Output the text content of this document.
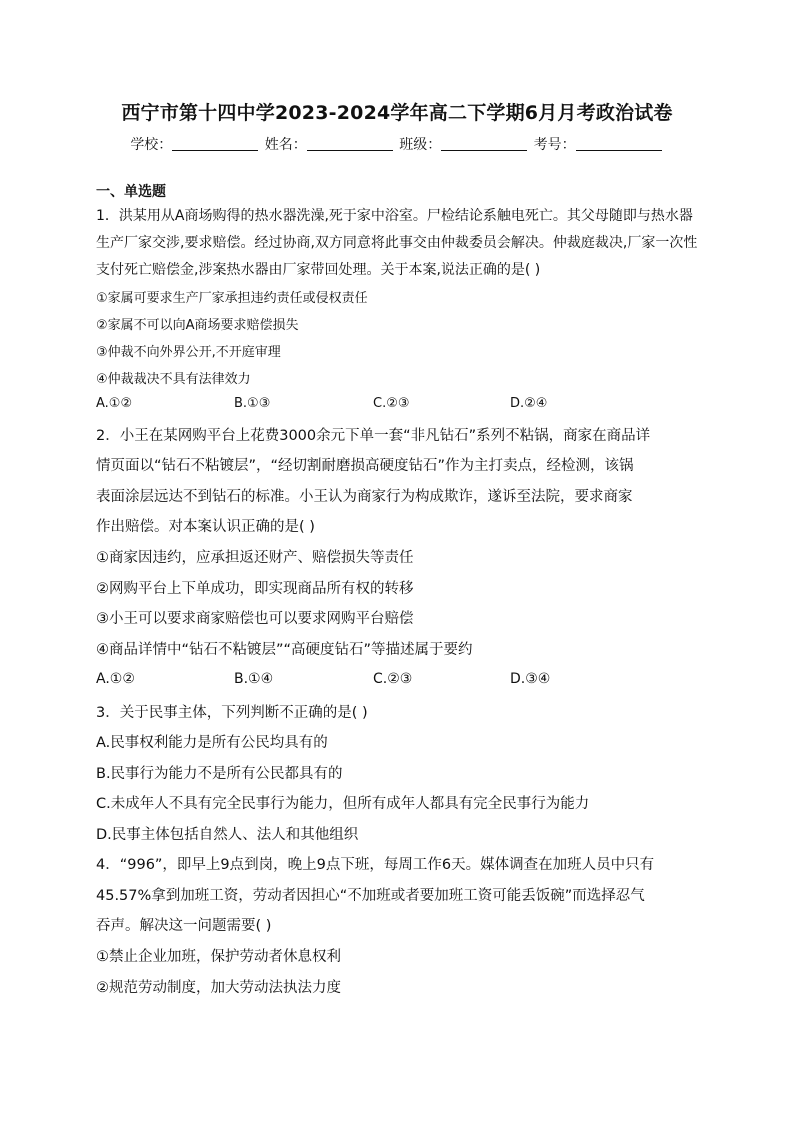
西宁市第十四中学2023-2024学年高二下学期6月月考政治试卷
学校：	姓名：	班级：	考号：
一、单选题
1．洪某用从A商场购得的热水器洗澡,死于家中浴室。尸检结论系触电死亡。其父母随即与热水器
生产厂家交涉,要求赔偿。经过协商,双方同意将此事交由仲裁委员会解决。仲裁庭裁决,厂家一次性
支付死亡赔偿金,涉案热水器由厂家带回处理。关于本案,说法正确的是( )
①家属可要求生产厂家承担违约责任或侵权责任
②家属不可以向A商场要求赔偿损失
③仲裁不向外界公开,不开庭审理
④仲裁裁决不具有法律效力
A.①②	B.①③	C.②③	D.②④
2．小王在某网购平台上花费3000余元下单一套“非凡钻石”系列不粘锅，商家在商品详
情页面以“钻石不粘镀层”，“经切割耐磨损高硬度钻石”作为主打卖点，经检测，该锅
表面涂层远达不到钻石的标准。小王认为商家行为构成欺诈，遂诉至法院，要求商家
作出赔偿。对本案认识正确的是( )
①商家因违约，应承担返还财产、赔偿损失等责任
②网购平台上下单成功，即实现商品所有权的转移
③小王可以要求商家赔偿也可以要求网购平台赔偿
④商品详情中“钻石不粘镀层”“高硬度钻石”等描述属于要约
A.①②	B.①④	C.②③	D.③④
3．关于民事主体，下列判断不正确的是( )
A.民事权利能力是所有公民均具有的
B.民事行为能力不是所有公民都具有的
C.未成年人不具有完全民事行为能力，但所有成年人都具有完全民事行为能力
D.民事主体包括自然人、法人和其他组织
4．“996”，即早上9点到岗，晚上9点下班，每周工作6天。媒体调查在加班人员中只有
45.57%拿到加班工资，劳动者因担心“不加班或者要加班工资可能丢饭碗”而选择忍气
吞声。解决这一问题需要( )
①禁止企业加班，保护劳动者休息权利
②规范劳动制度，加大劳动法执法力度
